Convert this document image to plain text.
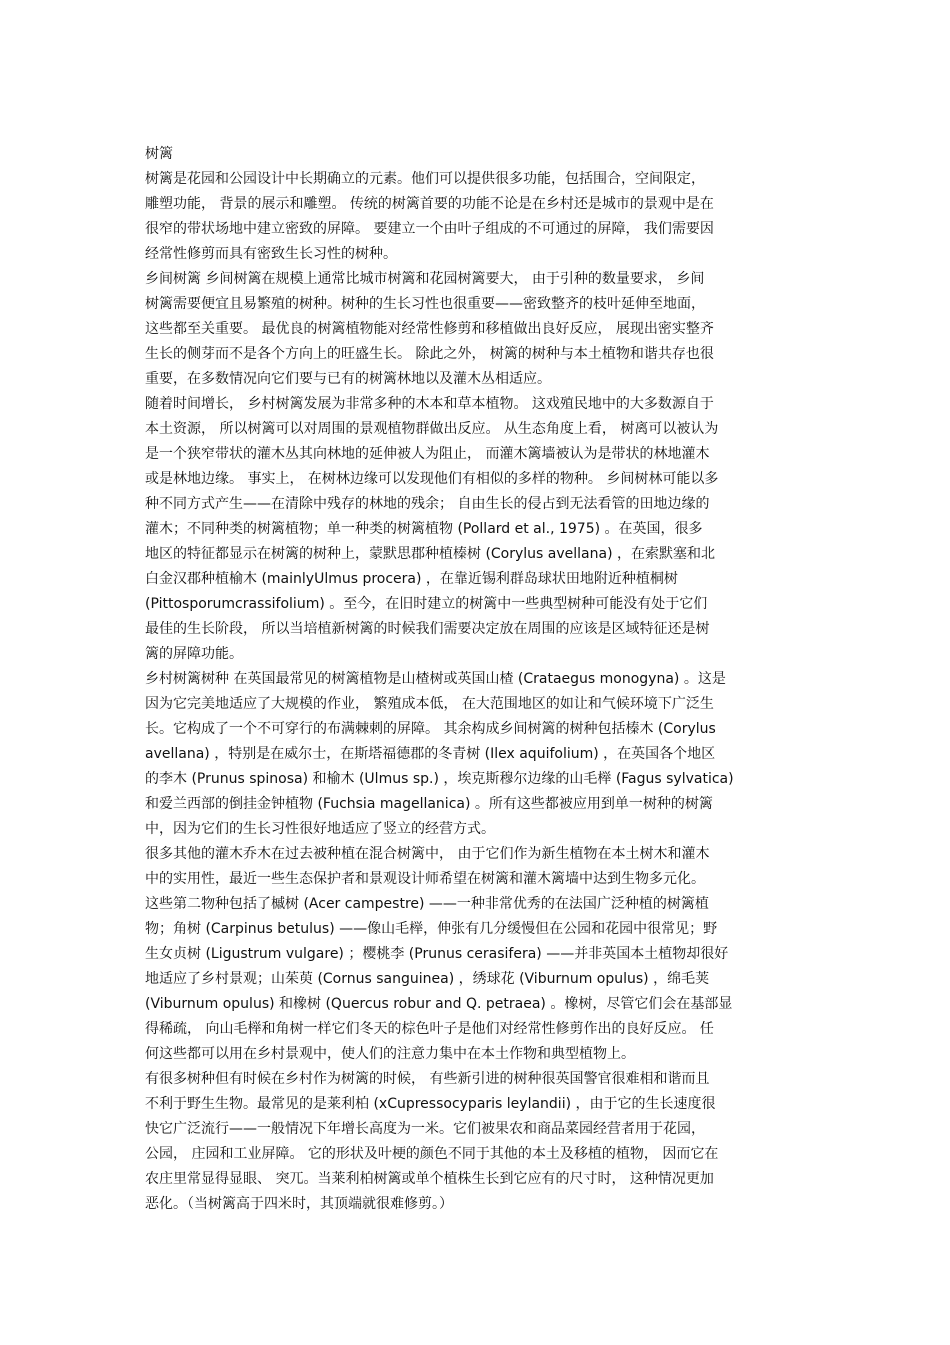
树篱
树篱是花园和公园设计中长期确立的元素。他们可以提供很多功能，包括围合，空间限定，
雕塑功能， 背景的展示和雕塑。 传统的树篱首要的功能不论是在乡村还是城市的景观中是在
很窄的带状场地中建立密致的屏障。 要建立一个由叶子组成的不可通过的屏障， 我们需要因
经常性修剪而具有密致生长习性的树种。
乡间树篱 乡间树篱在规模上通常比城市树篱和花园树篱要大， 由于引种的数量要求， 乡间
树篱需要便宜且易繁殖的树种。树种的生长习性也很重要——密致整齐的枝叶延伸至地面，
这些都至关重要。 最优良的树篱植物能对经常性修剪和移植做出良好反应， 展现出密实整齐
生长的侧芽而不是各个方向上的旺盛生长。 除此之外， 树篱的树种与本土植物和谐共存也很
重要，在多数情况向它们要与已有的树篱林地以及灌木丛相适应。
随着时间增长， 乡村树篱发展为非常多种的木本和草本植物。 这戏殖民地中的大多数源自于
本土资源， 所以树篱可以对周围的景观植物群做出反应。 从生态角度上看， 树离可以被认为
是一个狭窄带状的灌木丛其向林地的延伸被人为阻止， 而灌木篱墙被认为是带状的林地灌木
或是林地边缘。 事实上， 在树林边缘可以发现他们有相似的多样的物种。 乡间树林可能以多
种不同方式产生——在清除中残存的林地的残余； 自由生长的侵占到无法看管的田地边缘的
灌木；不同种类的树篱植物；单一种类的树篱植物 (Pollard et al., 1975) 。在英国，很多
地区的特征都显示在树篱的树种上，蒙默思郡种植榛树 (Corylus avellana) ，在索默塞和北
白金汉郡种植榆木 (mainlyUlmus procera) ，在靠近锡利群岛球状田地附近种植桐树
(Pittosporumcrassifolium) 。至今，在旧时建立的树篱中一些典型树种可能没有处于它们
最佳的生长阶段， 所以当培植新树篱的时候我们需要决定放在周围的应该是区域特征还是树
篱的屏障功能。
乡村树篱树种 在英国最常见的树篱植物是山楂树或英国山楂 (Crataegus monogyna) 。这是
因为它完美地适应了大规模的作业， 繁殖成本低， 在大范围地区的如让和气候环境下广泛生
长。它构成了一个不可穿行的布满棘刺的屏障。 其余构成乡间树篱的树种包括榛木 (Corylus
avellana) ，特别是在威尔士，在斯塔福德郡的冬青树 (Ilex aquifolium) ，在英国各个地区
的李木 (Prunus spinosa) 和榆木 (Ulmus sp.) ，埃克斯穆尔边缘的山毛榉 (Fagus sylvatica)
和爱兰西部的倒挂金钟植物 (Fuchsia magellanica) 。所有这些都被应用到单一树种的树篱
中，因为它们的生长习性很好地适应了竖立的经营方式。
很多其他的灌木乔木在过去被种植在混合树篱中， 由于它们作为新生植物在本土树木和灌木
中的实用性，最近一些生态保护者和景观设计师希望在树篱和灌木篱墙中达到生物多元化。
这些第二物种包括了槭树 (Acer campestre) ——一种非常优秀的在法国广泛种植的树篱植
物；角树 (Carpinus betulus) ——像山毛榉，伸张有几分缓慢但在公园和花园中很常见；野
生女贞树 (Ligustrum vulgare) ；樱桃李 (Prunus cerasifera) ——并非英国本土植物却很好
地适应了乡村景观；山茱萸 (Cornus sanguinea) ，绣球花 (Viburnum opulus) ，绵毛荚
(Viburnum opulus) 和橡树 (Quercus robur and Q. petraea) 。橡树，尽管它们会在基部显
得稀疏， 向山毛榉和角树一样它们冬天的棕色叶子是他们对经常性修剪作出的良好反应。 任
何这些都可以用在乡村景观中，使人们的注意力集中在本土作物和典型植物上。
有很多树种但有时候在乡村作为树篱的时候， 有些新引进的树种很英国警官很难相和谐而且
不利于野生生物。最常见的是莱利柏 (xCupressocyparis leylandii) ，由于它的生长速度很
快它广泛流行——一般情况下年增长高度为一米。它们被果农和商品菜园经营者用于花园，
公园， 庄园和工业屏障。 它的形状及叶梗的颜色不同于其他的本土及移植的植物， 因而它在
农庄里常显得显眼、 突兀。当莱利柏树篱或单个植株生长到它应有的尺寸时， 这种情况更加
恶化。（当树篱高于四米时，其顶端就很难修剪。）
